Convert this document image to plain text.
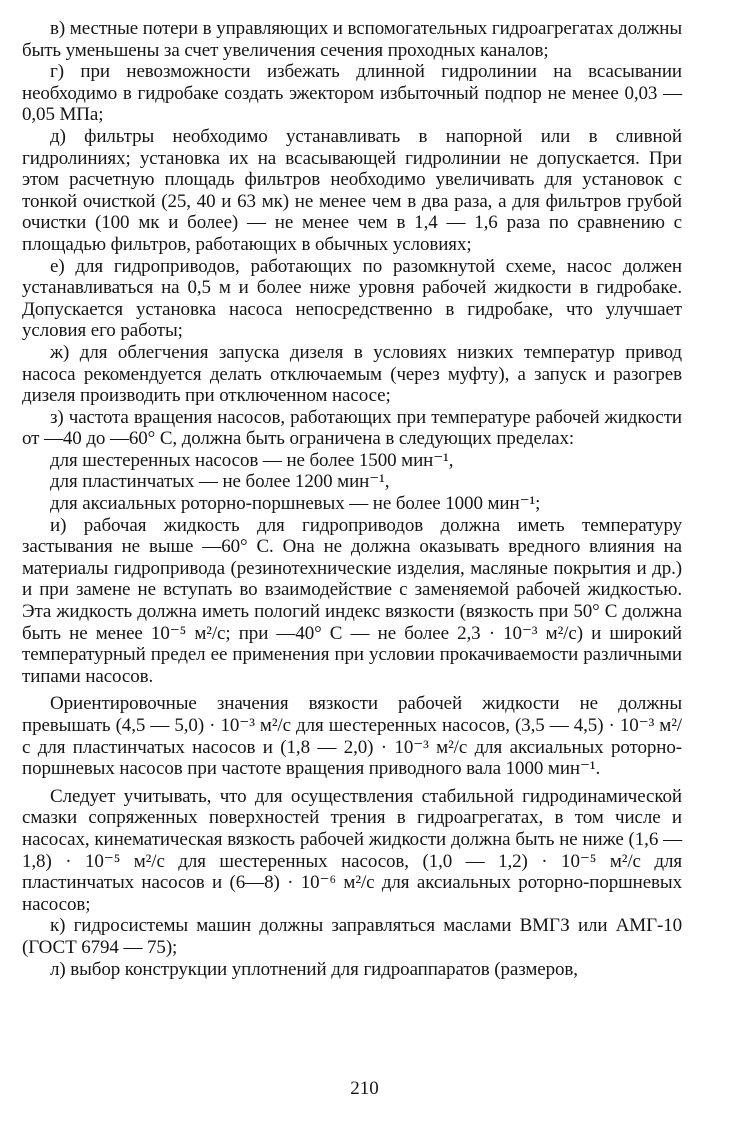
в) местные потери в управляющих и вспомогательных гидроагрегатах должны быть уменьшены за счет увеличения сечения проходных каналов;

г) при невозможности избежать длинной гидролинии на всасывании необходимо в гидробаке создать эжектором избыточный подпор не менее 0,03 — 0,05 МПа;

д) фильтры необходимо устанавливать в напорной или в сливной гидролиниях; установка их на всасывающей гидролинии не допускается. При этом расчетную площадь фильтров необходимо увеличивать для установок с тонкой очисткой (25, 40 и 63 мк) не менее чем в два раза, а для фильтров грубой очистки (100 мк и более) — не менее чем в 1,4 — 1,6 раза по сравнению с площадью фильтров, работающих в обычных условиях;

е) для гидроприводов, работающих по разомкнутой схеме, насос должен устанавливаться на 0,5 м и более ниже уровня рабочей жидкости в гидробаке. Допускается установка насоса непосредственно в гидробаке, что улучшает условия его работы;

ж) для облегчения запуска дизеля в условиях низких температур привод насоса рекомендуется делать отключаемым (через муфту), а запуск и разогрев дизеля производить при отключенном насосе;

з) частота вращения насосов, работающих при температуре рабочей жидкости от —40 до —60° С, должна быть ограничена в следующих пределах:

для шестеренных насосов — не более 1500 мин⁻¹,

для пластинчатых — не более 1200 мин⁻¹,

для аксиальных роторно-поршневых — не более 1000 мин⁻¹;

и) рабочая жидкость для гидроприводов должна иметь температуру застывания не выше —60° С. Она не должна оказывать вредного влияния на материалы гидропривода (резинотехнические изделия, масляные покрытия и др.) и при замене не вступать во взаимодействие с заменяемой рабочей жидкостью. Эта жидкость должна иметь пологий индекс вязкости (вязкость при 50° С должна быть не менее 10⁻⁵ м²/с; при —40° С — не более 2,3 · 10⁻³ м²/с) и широкий температурный предел ее применения при условии прокачиваемости различными типами насосов.

Ориентировочные значения вязкости рабочей жидкости не должны превышать (4,5 — 5,0) · 10⁻³ м²/с для шестеренных насосов, (3,5 — 4,5) · 10⁻³ м²/с для пластинчатых насосов и (1,8 — 2,0) · 10⁻³ м²/с для аксиальных роторно-поршневых насосов при частоте вращения приводного вала 1000 мин⁻¹.

Следует учитывать, что для осуществления стабильной гидродинамической смазки сопряженных поверхностей трения в гидроагрегатах, в том числе и насосах, кинематическая вязкость рабочей жидкости должна быть не ниже (1,6 — 1,8) · 10⁻⁵ м²/с для шестеренных насосов, (1,0 — 1,2) · 10⁻⁵ м²/с для пластинчатых насосов и (6—8) · 10⁻⁶ м²/с для аксиальных роторно-поршневых насосов;

к) гидросистемы машин должны заправляться маслами ВМГЗ или АМГ-10 (ГОСТ 6794 — 75);

л) выбор конструкции уплотнений для гидроаппаратов (размеров,

210
